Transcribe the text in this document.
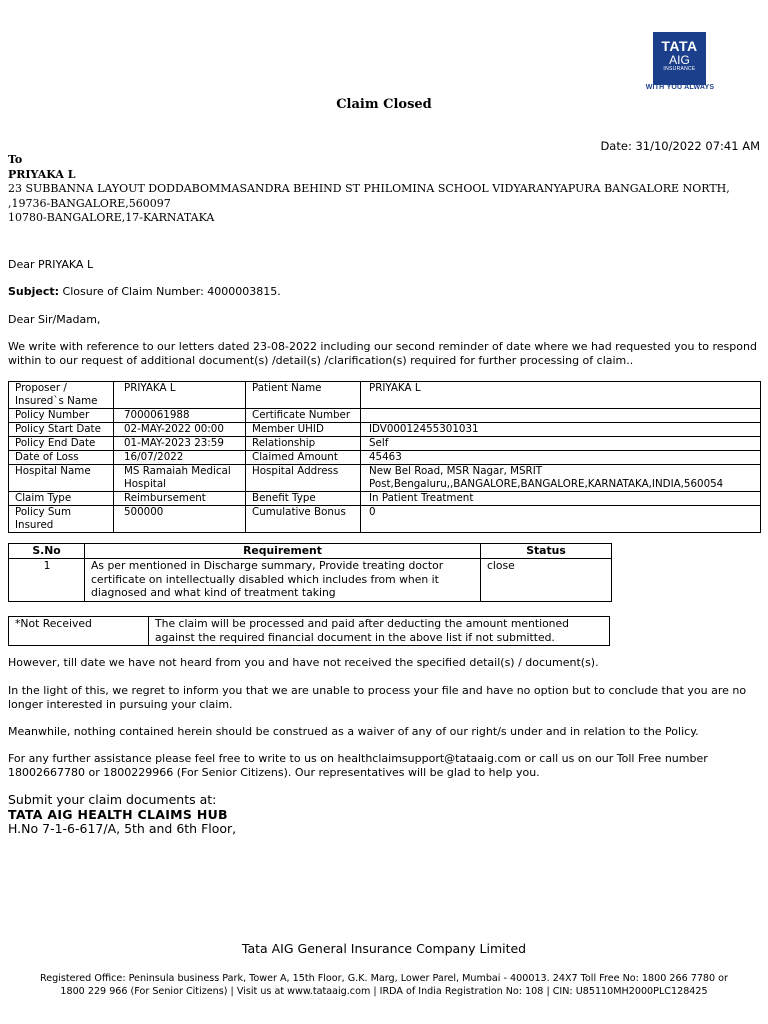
TATA
AIG
INSURANCE
WITH YOU ALWAYS
Claim Closed
Date: 31/10/2022 07:41 AM
To
PRIYAKA L
23 SUBBANNA LAYOUT DODDABOMMASANDRA BEHIND ST PHILOMINA SCHOOL VIDYARANYAPURA BANGALORE NORTH,
,19736-BANGALORE,560097
10780-BANGALORE,17-KARNATAKA
Dear PRIYAKA L
Subject: Closure of Claim Number: 4000003815.
Dear Sir/Madam,
We write with reference to our letters dated 23-08-2022 including our second reminder of date where we had requested you to respond within to our request of additional document(s) /detail(s) /clarification(s) required for further processing of claim..
Proposer / Insured`s Name	PRIYAKA L	Patient Name	PRIYAKA L
Policy Number	7000061988	Certificate Number	
Policy Start Date	02-MAY-2022 00:00	Member UHID	IDV00012455301031
Policy End Date	01-MAY-2023 23:59	Relationship	Self
Date of Loss	16/07/2022	Claimed Amount	45463
Hospital Name	MS Ramaiah Medical Hospital	Hospital Address	New Bel Road, MSR Nagar, MSRIT Post,Bengaluru,,BANGALORE,BANGALORE,KARNATAKA,INDIA,560054
Claim Type	Reimbursement	Benefit Type	In Patient Treatment
Policy Sum Insured	500000	Cumulative Bonus	0
S.No	Requirement	Status
1	As per mentioned in Discharge summary, Provide treating doctor certificate on intellectually disabled which includes from when it diagnosed and what kind of treatment taking	close
*Not Received	The claim will be processed and paid after deducting the amount mentioned against the required financial document in the above list if not submitted.
However, till date we have not heard from you and have not received the specified detail(s) / document(s).
In the light of this, we regret to inform you that we are unable to process your file and have no option but to conclude that you are no longer interested in pursuing your claim.
Meanwhile, nothing contained herein should be construed as a waiver of any of our right/s under and in relation to the Policy.
For any further assistance please feel free to write to us on healthclaimsupport@tataaig.com or call us on our Toll Free number 18002667780 or 1800229966 (For Senior Citizens). Our representatives will be glad to help you.
Submit your claim documents at:
TATA AIG HEALTH CLAIMS HUB
H.No 7-1-6-617/A, 5th and 6th Floor,
Tata AIG General Insurance Company Limited
Registered Office: Peninsula business Park, Tower A, 15th Floor, G.K. Marg, Lower Parel, Mumbai - 400013. 24X7 Toll Free No: 1800 266 7780 or
1800 229 966 (For Senior Citizens) | Visit us at www.tataaig.com | IRDA of India Registration No: 108 | CIN: U85110MH2000PLC128425
